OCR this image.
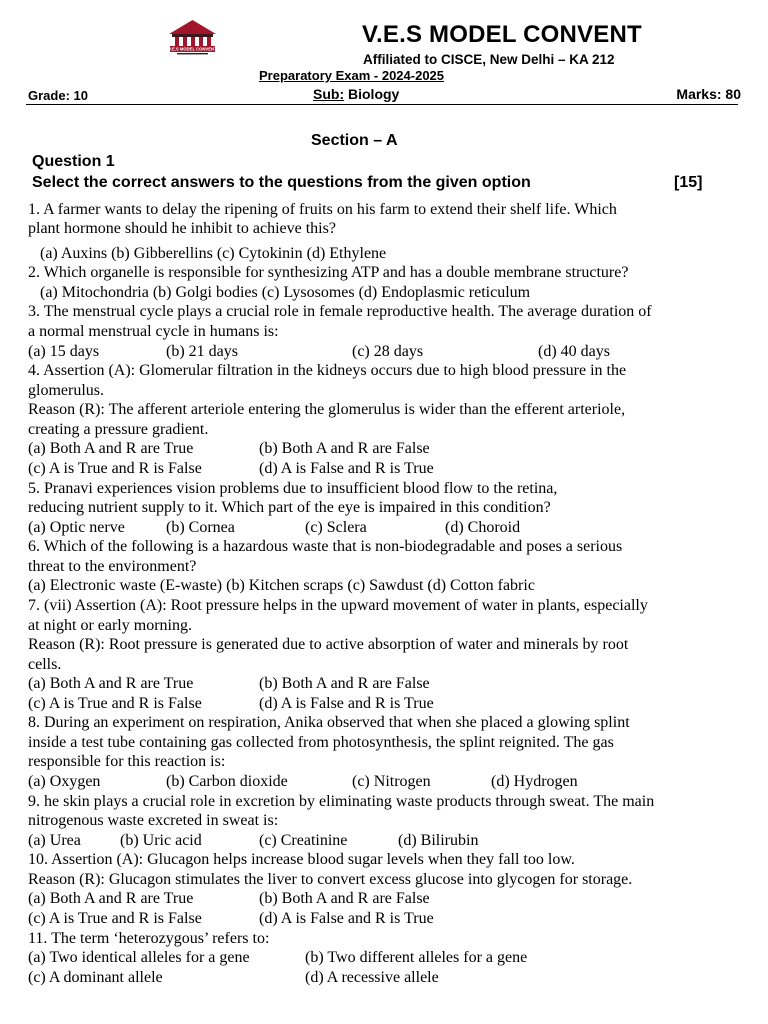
V.E.S MODEL CONVENT
V.E.S MODEL CONVENT
Affiliated to CISCE, New Delhi – KA 212
Preparatory Exam - 2024-2025
Grade: 10	Sub: Biology	Marks: 80
Section – A
Question 1
Select the correct answers to the questions from the given option	[15]
1. A farmer wants to delay the ripening of fruits on his farm to extend their shelf life. Which
plant hormone should he inhibit to achieve this?
(a) Auxins (b) Gibberellins (c) Cytokinin (d) Ethylene
2. Which organelle is responsible for synthesizing ATP and has a double membrane structure?
(a) Mitochondria (b) Golgi bodies (c) Lysosomes (d) Endoplasmic reticulum
3. The menstrual cycle plays a crucial role in female reproductive health. The average duration of
a normal menstrual cycle in humans is:
(a) 15 days	(b) 21 days	(c) 28 days	(d) 40 days
4. Assertion (A): Glomerular filtration in the kidneys occurs due to high blood pressure in the
glomerulus.
Reason (R): The afferent arteriole entering the glomerulus is wider than the efferent arteriole,
creating a pressure gradient.
(a) Both A and R are True	(b) Both A and R are False
(c) A is True and R is False	(d) A is False and R is True
5. Pranavi experiences vision problems due to insufficient blood flow to the retina,
reducing nutrient supply to it. Which part of the eye is impaired in this condition?
(a) Optic nerve	(b) Cornea	(c) Sclera	(d) Choroid
6. Which of the following is a hazardous waste that is non-biodegradable and poses a serious
threat to the environment?
(a) Electronic waste (E-waste) (b) Kitchen scraps (c) Sawdust (d) Cotton fabric
7. (vii) Assertion (A): Root pressure helps in the upward movement of water in plants, especially
at night or early morning.
Reason (R): Root pressure is generated due to active absorption of water and minerals by root
cells.
(a) Both A and R are True	(b) Both A and R are False
(c) A is True and R is False	(d) A is False and R is True
8. During an experiment on respiration, Anika observed that when she placed a glowing splint
inside a test tube containing gas collected from photosynthesis, the splint reignited. The gas
responsible for this reaction is:
(a) Oxygen	(b) Carbon dioxide	(c) Nitrogen	(d) Hydrogen
9. he skin plays a crucial role in excretion by eliminating waste products through sweat. The main
nitrogenous waste excreted in sweat is:
(a) Urea (b) Uric acid	(c) Creatinine	(d) Bilirubin
10. Assertion (A): Glucagon helps increase blood sugar levels when they fall too low.
Reason (R): Glucagon stimulates the liver to convert excess glucose into glycogen for storage.
(a) Both A and R are True	(b) Both A and R are False
(c) A is True and R is False	(d) A is False and R is True
11. The term ‘heterozygous’ refers to:
(a) Two identical alleles for a gene	(b) Two different alleles for a gene
(c) A dominant allele	(d) A recessive allele
